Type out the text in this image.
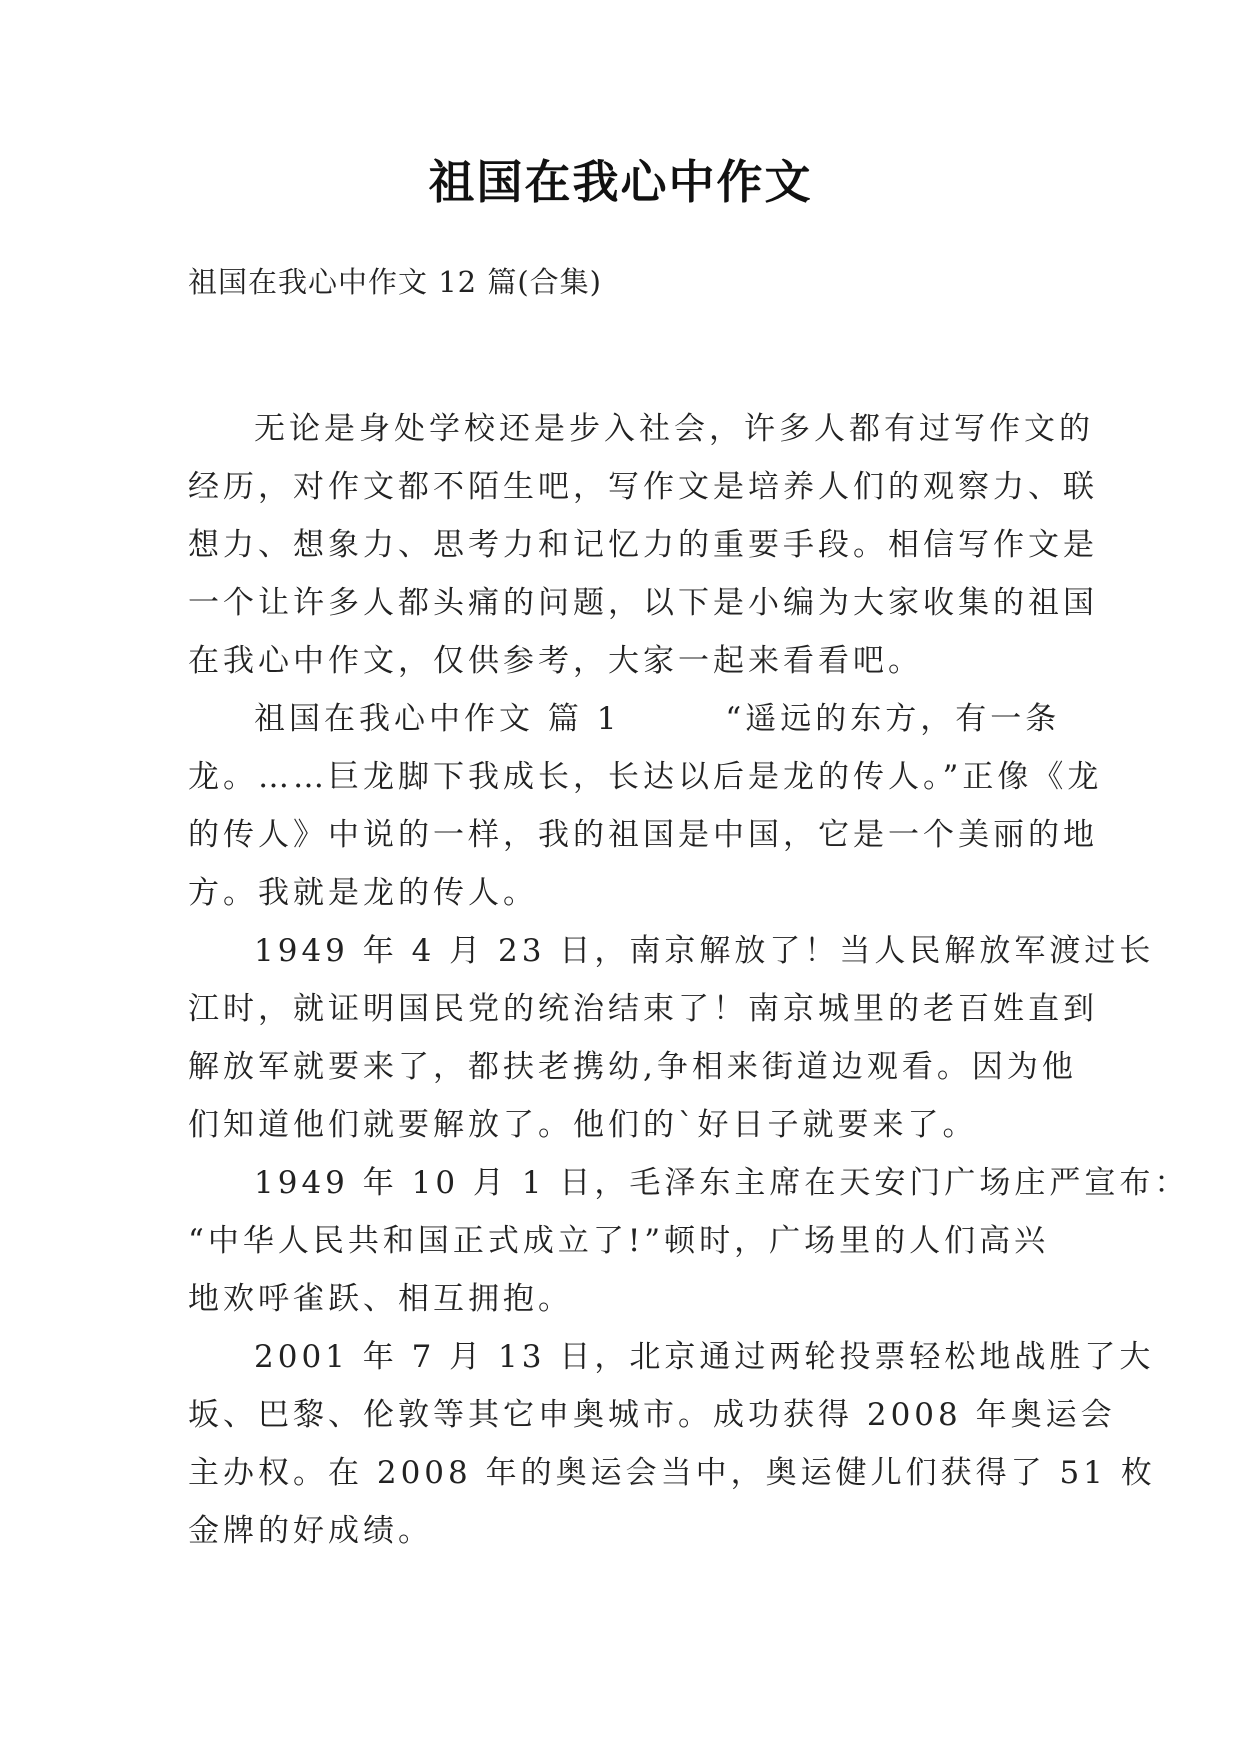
祖国在我心中作文

祖国在我心中作文 12 篇(合集)

无论是身处学校还是步入社会，许多人都有过写作文的
经历，对作文都不陌生吧，写作文是培养人们的观察力、联
想力、想象力、思考力和记忆力的重要手段。相信写作文是
一个让许多人都头痛的问题，以下是小编为大家收集的祖国
在我心中作文，仅供参考，大家一起来看看吧。
祖国在我心中作文 篇 1　　　“遥远的东方，有一条
龙。……巨龙脚下我成长，长达以后是龙的传人。”正像《龙
的传人》中说的一样，我的祖国是中国，它是一个美丽的地
方。我就是龙的传人。
1949 年 4 月 23 日，南京解放了！当人民解放军渡过长
江时，就证明国民党的统治结束了！南京城里的老百姓直到
解放军就要来了，都扶老携幼,争相来街道边观看。因为他
们知道他们就要解放了。他们的`好日子就要来了。
1949 年 10 月 1 日，毛泽东主席在天安门广场庄严宣布：
“中华人民共和国正式成立了!”顿时，广场里的人们高兴
地欢呼雀跃、相互拥抱。
2001 年 7 月 13 日，北京通过两轮投票轻松地战胜了大
坂、巴黎、伦敦等其它申奥城市。成功获得 2008 年奥运会
主办权。在 2008 年的奥运会当中，奥运健儿们获得了 51 枚
金牌的好成绩。
